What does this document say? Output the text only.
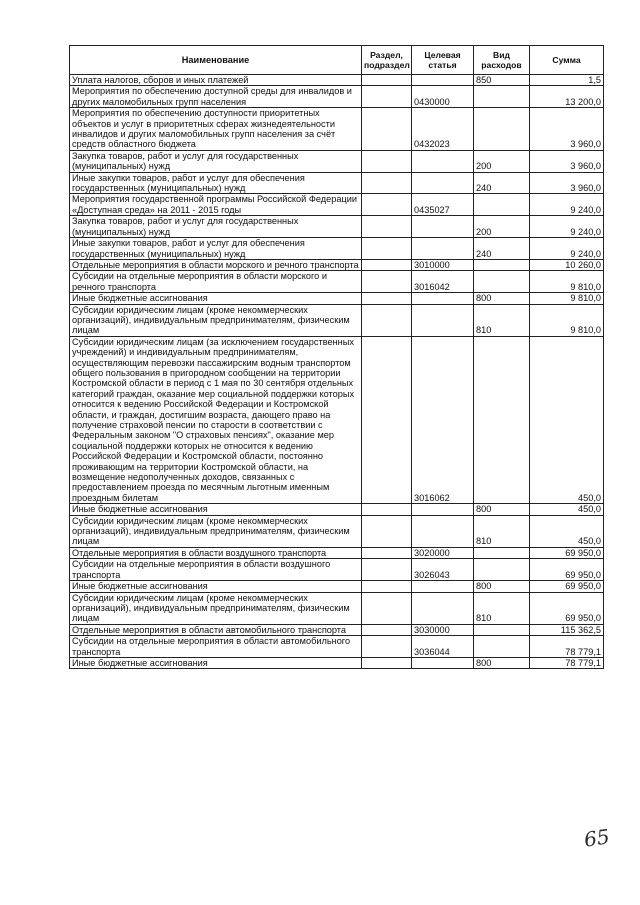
Наименование	Раздел, подраздел	Целевая статья	Вид расходов	Сумма
Уплата налогов, сборов и иных платежей			850	1,5
Мероприятия по обеспечению доступной среды для инвалидов и других маломобильных групп населения		0430000		13 200,0
Мероприятия по обеспечению доступности приоритетных объектов и услуг в приоритетных сферах жизнедеятельности инвалидов и других маломобильных групп населения за счёт средств областного бюджета		0432023		3 960,0
Закупка товаров, работ и услуг для государственных (муниципальных) нужд			200	3 960,0
Иные закупки товаров, работ и услуг для обеспечения государственных (муниципальных) нужд			240	3 960,0
Мероприятия государственной программы Российской Федерации «Доступная среда» на 2011 - 2015 годы		0435027		9 240,0
Закупка товаров, работ и услуг для государственных (муниципальных) нужд			200	9 240,0
Иные закупки товаров, работ и услуг для обеспечения государственных (муниципальных) нужд			240	9 240,0
Отдельные мероприятия в области морского и речного транспорта		3010000		10 260,0
Субсидии на отдельные мероприятия в области морского и речного транспорта		3016042		9 810,0
Иные бюджетные ассигнования			800	9 810,0
Субсидии юридическим лицам (кроме некоммерческих организаций), индивидуальным предпринимателям, физическим лицам			810	9 810,0
Субсидии юридическим лицам (за исключением государственных учреждений) и индивидуальным предпринимателям, осуществляющим перевозки пассажирским водным транспортом общего пользования в пригородном сообщении на территории Костромской области в период с 1 мая по 30 сентября отдельных категорий граждан, оказание мер социальной поддержки которых относится к ведению Российской Федерации и Костромской области, и граждан, достигшим возраста, дающего право на получение страховой пенсии по старости в соответствии с Федеральным законом "О страховых пенсиях", оказание мер социальной поддержки которых не относится к ведению Российской Федерации и Костромской области, постоянно проживающим на территории Костромской области, на возмещение недополученных доходов, связанных с предоставлением проезда по месячным льготным именным проездным билетам		3016062		450,0
Иные бюджетные ассигнования			800	450,0
Субсидии юридическим лицам (кроме некоммерческих организаций), индивидуальным предпринимателям, физическим лицам			810	450,0
Отдельные мероприятия в области воздушного транспорта		3020000		69 950,0
Субсидии на отдельные мероприятия в области воздушного транспорта		3026043		69 950,0
Иные бюджетные ассигнования			800	69 950,0
Субсидии юридическим лицам (кроме некоммерческих организаций), индивидуальным предпринимателям, физическим лицам			810	69 950,0
Отдельные мероприятия в области автомобильного транспорта		3030000		115 362,5
Субсидии на отдельные мероприятия в области автомобильного транспорта		3036044		78 779,1
Иные бюджетные ассигнования			800	78 779,1
65
